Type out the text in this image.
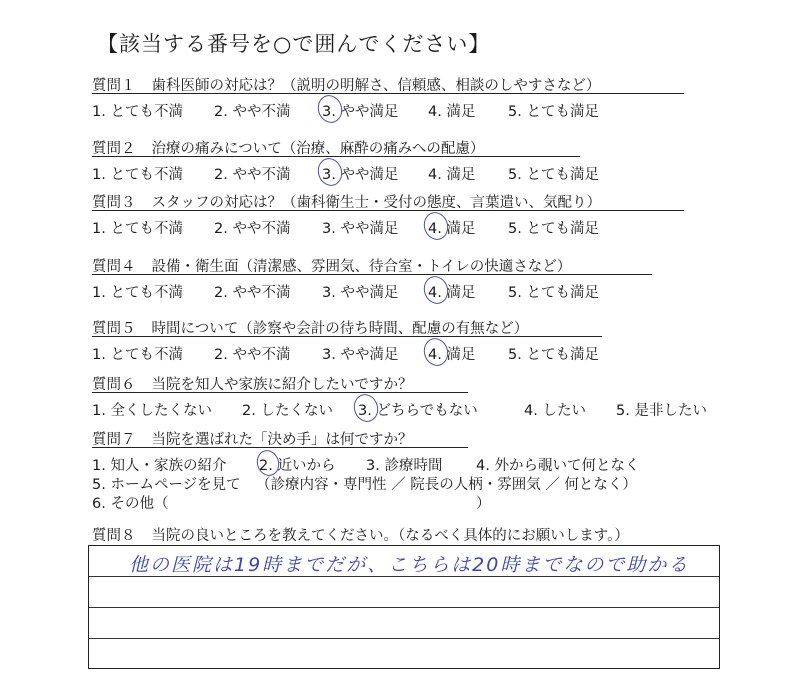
【該当する番号を○で囲んでください】
質問１ 歯科医師の対応は？（説明の明解さ、信頼感、相談のしやすさなど）
1. とても不満 2. やや不満 3. やや満足 4. 満足 5. とても満足
質問２ 治療の痛みについて（治療、麻酔の痛みへの配慮）
1. とても不満 2. やや不満 3. やや満足 4. 満足 5. とても満足
質問３ スタッフの対応は？（歯科衛生士・受付の態度、言葉遣い、気配り）
1. とても不満 2. やや不満 3. やや満足 4. 満足 5. とても満足
質問４ 設備・衛生面（清潔感、雰囲気、待合室・トイレの快適さなど）
1. とても不満 2. やや不満 3. やや満足 4. 満足 5. とても満足
質問５ 時間について（診察や会計の待ち時間、配慮の有無など）
1. とても不満 2. やや不満 3. やや満足 4. 満足 5. とても満足
質問６ 当院を知人や家族に紹介したいですか？
1. 全くしたくない 2. したくない 3. どちらでもない	4. したい 5. 是非したい
質問７ 当院を選ばれた「決め手」は何ですか？
1. 知人・家族の紹介 2. 近いから 3. 診療時間 4. 外から覗いて何となく
5. ホームページを見て （診療内容・専門性 ／ 院長の人柄・雰囲気 ／ 何となく）
6. その他（	）
質問８ 当院の良いところを教えてください。（なるべく具体的にお願いします。）
他の医院は19時までだが、こちらは20時までなので助かる
